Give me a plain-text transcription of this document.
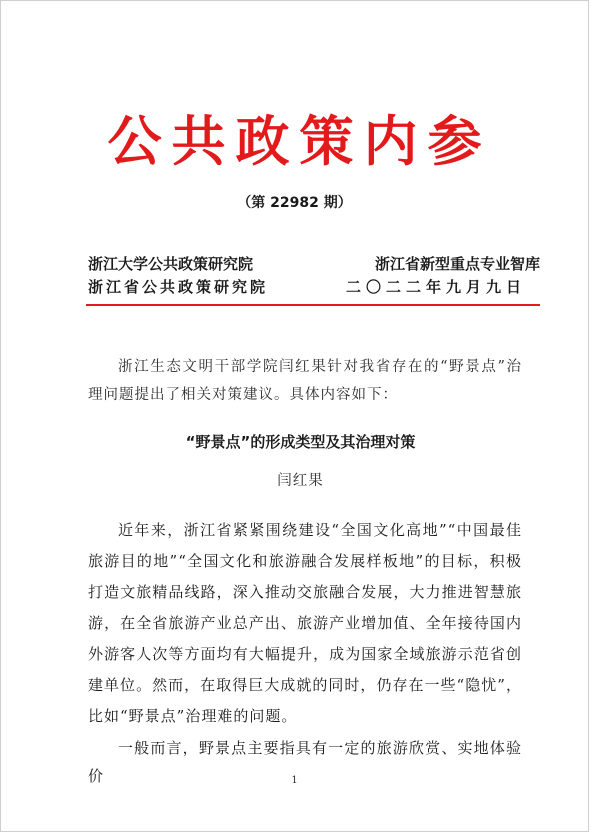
公共政策内参
（第 22982 期）
浙江大学公共政策研究院	浙江省新型重点专业智库
浙江省公共政策研究院	二〇二二年九月九日

浙江生态文明干部学院闫红果针对我省存在的“野景点”治理问题提出了相关对策建议。具体内容如下：

“野景点”的形成类型及其治理对策
闫红果

近年来，浙江省紧紧围绕建设“全国文化高地”“中国最佳旅游目的地”“全国文化和旅游融合发展样板地”的目标，积极打造文旅精品线路，深入推动交旅融合发展，大力推进智慧旅游，在全省旅游产业总产出、旅游产业增加值、全年接待国内外游客人次等方面均有大幅提升，成为国家全域旅游示范省创建单位。然而，在取得巨大成就的同时，仍存在一些“隐忧”，比如“野景点”治理难的问题。

一般而言，野景点主要指具有一定的旅游欣赏、实地体验价	1
